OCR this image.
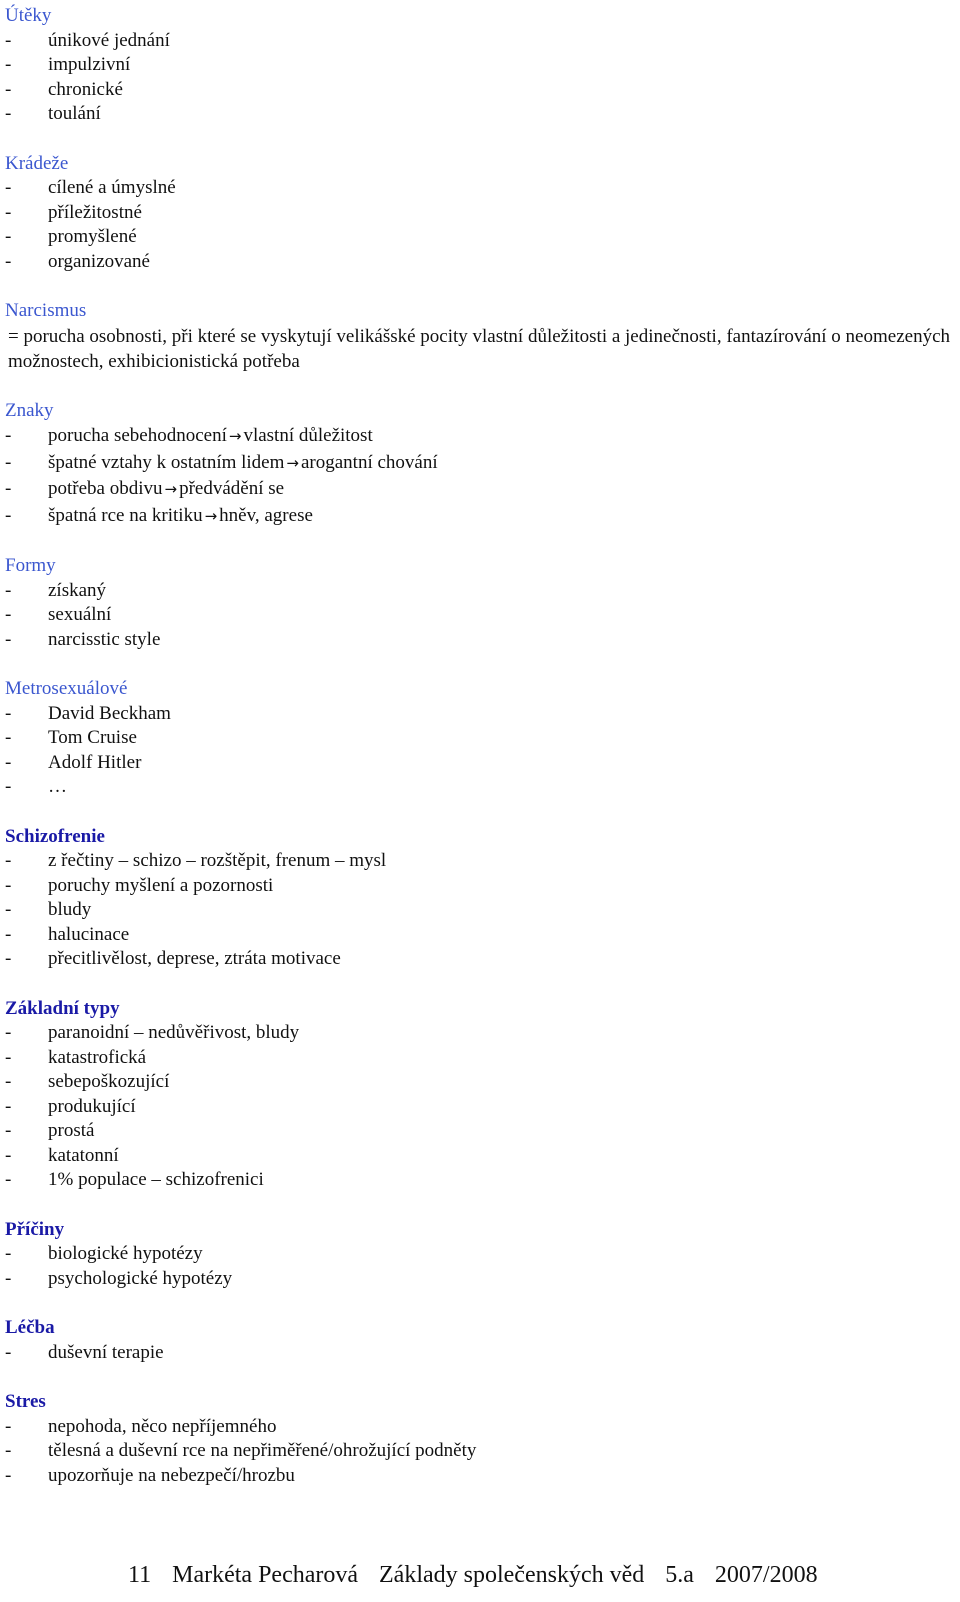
Útěky
-	únikové jednání
-	impulzivní
-	chronické
-	toulání
Krádeže
-	cílené a úmyslné
-	příležitostné
-	promyšlené
-	organizované
Narcismus
= porucha osobnosti, při které se vyskytují velikášské pocity vlastní důležitosti a jedinečnosti, fantazírování o neomezených možnostech, exhibicionistická potřeba
Znaky
-	porucha sebehodnocení → vlastní důležitost
-	špatné vztahy k ostatním lidem → arogantní chování
-	potřeba obdivu → předvádění se
-	špatná rce na kritiku → hněv, agrese
Formy
-	získaný
-	sexuální
-	narcisstic style
Metrosexuálové
-	David Beckham
-	Tom Cruise
-	Adolf Hitler
-	…
Schizofrenie
-	z řečtiny – schizo – rozštěpit, frenum – mysl
-	poruchy myšlení a pozornosti
-	bludy
-	halucinace
-	přecitlivělost, deprese, ztráta motivace
Základní typy
-	paranoidní – nedůvěřivost, bludy
-	katastrofická
-	sebepoškozující
-	produkující
-	prostá
-	katatonní
-	1% populace – schizofrenici
Příčiny
-	biologické hypotézy
-	psychologické hypotézy
Léčba
-	duševní terapie
Stres
-	nepohoda, něco nepříjemného
-	tělesná a duševní rce na nepřiměřené/ohrožující podněty
-	upozorňuje na nebezpečí/hrozbu
11 Markéta Pecharová Základy společenských věd 5.a 2007/2008
